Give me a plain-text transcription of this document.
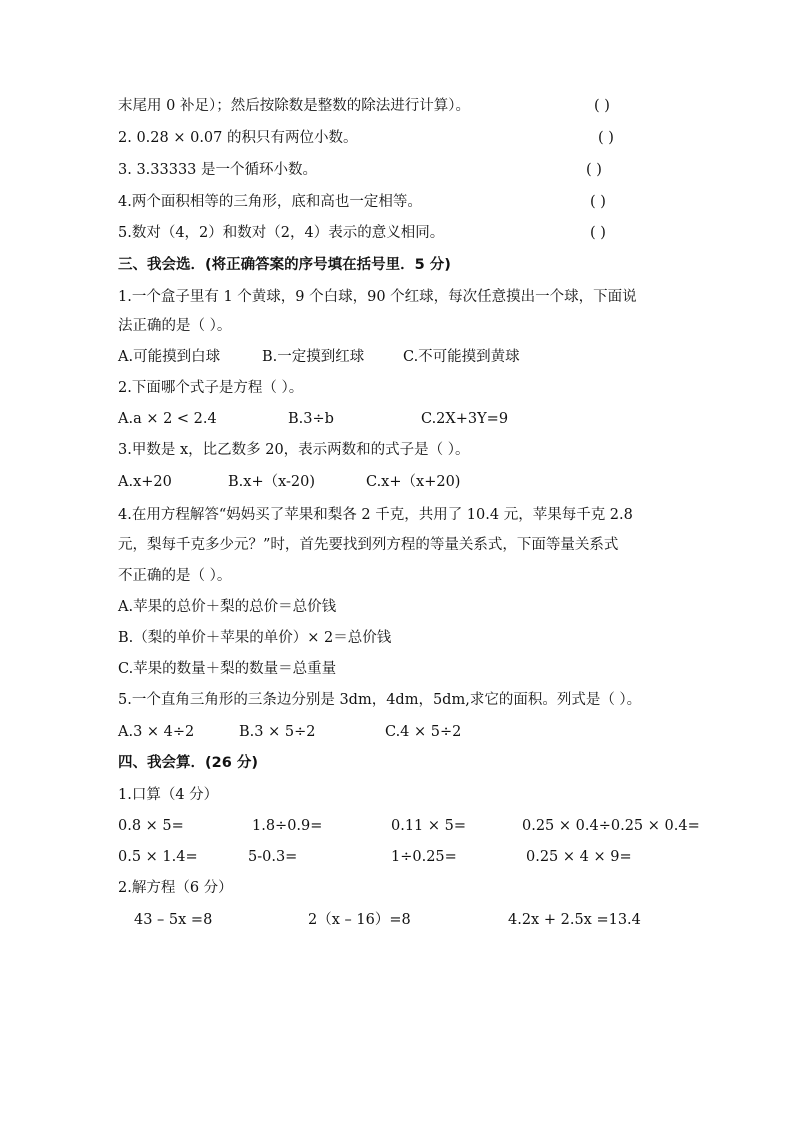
末尾用 0 补足）；然后按除数是整数的除法进行计算）。	( )
2. 0.28 × 0.07 的积只有两位小数。	( )
3. 3.33333 是一个循环小数。	( )
4.两个面积相等的三角形，底和高也一定相等。	( )
5.数对（4，2）和数对（2，4）表示的意义相同。	( )
三、我会选．(将正确答案的序号填在括号里．5 分)
1.一个盒子里有 1 个黄球，9 个白球，90 个红球，每次任意摸出一个球，下面说
法正确的是（ ）。
A.可能摸到白球	B.一定摸到红球	C.不可能摸到黄球
2.下面哪个式子是方程（ ）。
A.a × 2 < 2.4	B.3÷b	C.2X+3Y=9
3.甲数是 x，比乙数多 20，表示两数和的式子是（ ）。
A.x+20	B.x+（x-20)	C.x+（x+20)
4.在用方程解答“妈妈买了苹果和梨各 2 千克，共用了 10.4 元，苹果每千克 2.8
元，梨每千克多少元？”时，首先要找到列方程的等量关系式，下面等量关系式
不正确的是（ ）。
A.苹果的总价＋梨的总价＝总价钱
B.（梨的单价＋苹果的单价）× 2＝总价钱
C.苹果的数量＋梨的数量＝总重量
5.一个直角三角形的三条边分别是 3dm，4dm，5dm,求它的面积。列式是（ ）。
A.3 × 4÷2	B.3 × 5÷2	C.4 × 5÷2
四、我会算．(26 分)
1.口算（4 分）
0.8 × 5=	1.8÷0.9=	0.11 × 5=	0.25 × 0.4÷0.25 × 0.4=
0.5 × 1.4=	5-0.3=	1÷0.25=	0.25 × 4 × 9=
2.解方程（6 分）
43 – 5x =8	2（x – 16）=8	4.2x + 2.5x =13.4
